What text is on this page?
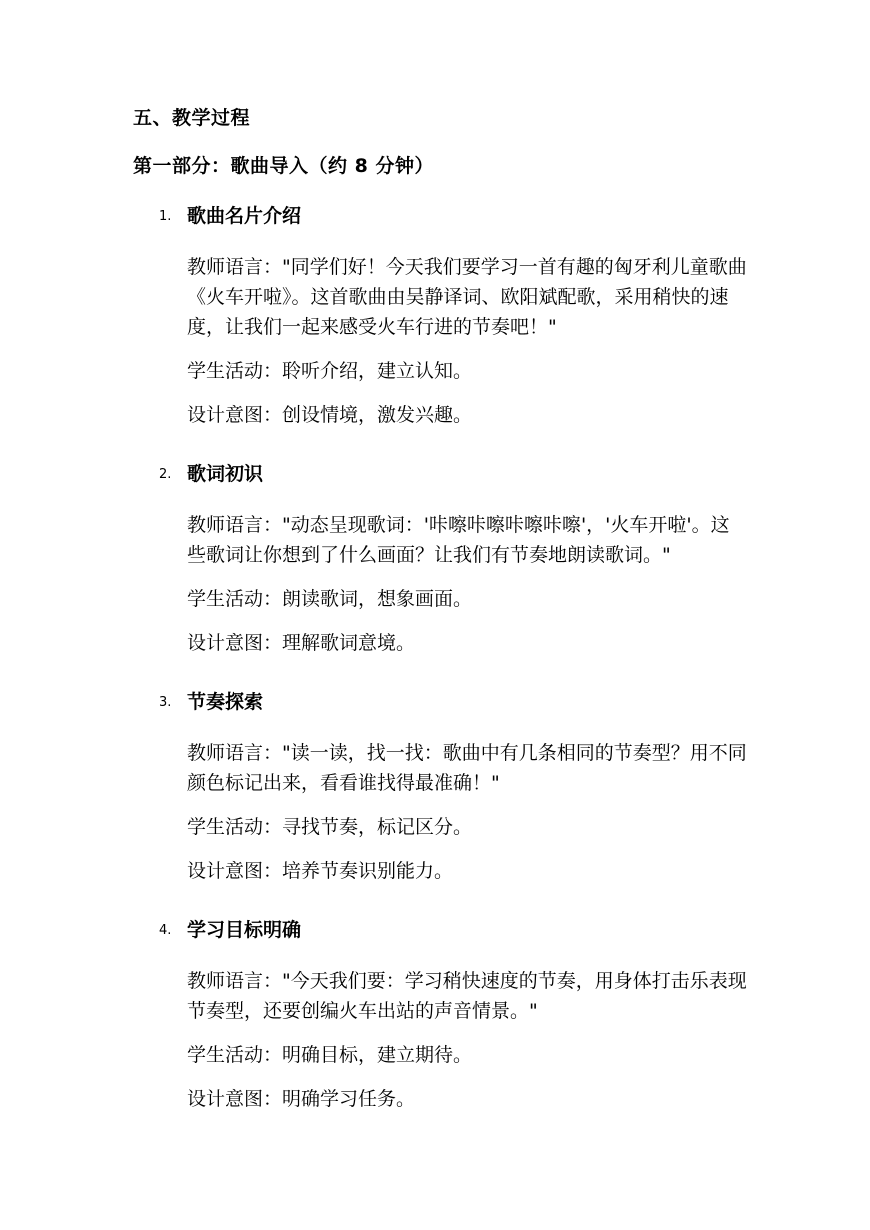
五、教学过程
第一部分：歌曲导入（约 8 分钟）
1. 歌曲名片介绍

教师语言："同学们好！今天我们要学习一首有趣的匈牙利儿童歌曲《火车开啦》。这首歌曲由吴静译词、欧阳斌配歌，采用稍快的速度，让我们一起来感受火车行进的节奏吧！"

学生活动：聆听介绍，建立认知。

设计意图：创设情境，激发兴趣。

2. 歌词初识

教师语言："动态呈现歌词：'咔嚓咔嚓咔嚓咔嚓'，'火车开啦'。这些歌词让你想到了什么画面？让我们有节奏地朗读歌词。"

学生活动：朗读歌词，想象画面。

设计意图：理解歌词意境。

3. 节奏探索

教师语言："读一读，找一找：歌曲中有几条相同的节奏型？用不同颜色标记出来，看看谁找得最准确！"

学生活动：寻找节奏，标记区分。

设计意图：培养节奏识别能力。

4. 学习目标明确

教师语言："今天我们要：学习稍快速度的节奏，用身体打击乐表现节奏型，还要创编火车出站的声音情景。"

学生活动：明确目标，建立期待。

设计意图：明确学习任务。
